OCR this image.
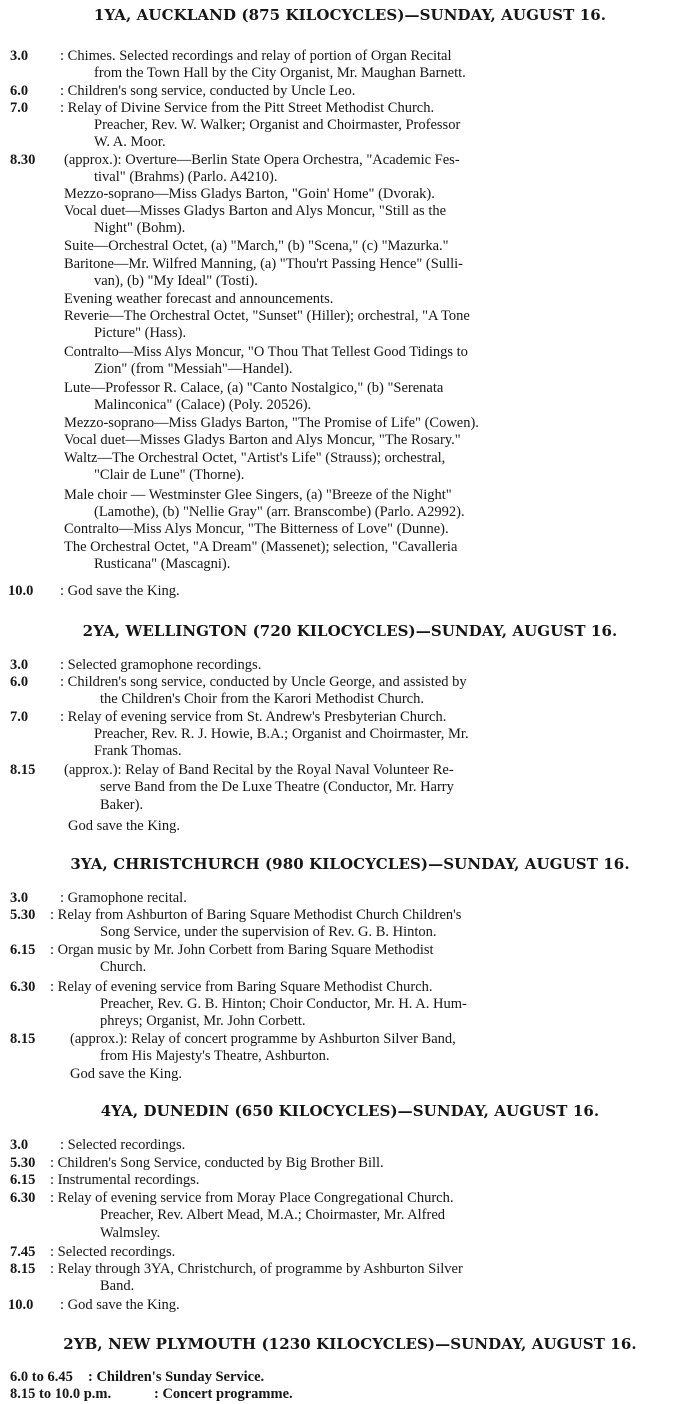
1YA, AUCKLAND (875 KILOCYCLES)—SUNDAY, AUGUST 16.
3.0 : Chimes. Selected recordings and relay of portion of Organ Recital
from the Town Hall by the City Organist, Mr. Maughan Barnett.
6.0 : Children's song service, conducted by Uncle Leo.
7.0 : Relay of Divine Service from the Pitt Street Methodist Church.
Preacher, Rev. W. Walker; Organist and Choirmaster, Professor
W. A. Moor.
8.30 (approx.): Overture—Berlin State Opera Orchestra, "Academic Fes-
tival" (Brahms) (Parlo. A4210).
Mezzo-soprano—Miss Gladys Barton, "Goin' Home" (Dvorak).
Vocal duet—Misses Gladys Barton and Alys Moncur, "Still as the
Night" (Bohm).
Suite—Orchestral Octet, (a) "March," (b) "Scena," (c) "Mazurka."
Baritone—Mr. Wilfred Manning, (a) "Thou'rt Passing Hence" (Sulli-
van), (b) "My Ideal" (Tosti).
Evening weather forecast and announcements.
Reverie—The Orchestral Octet, "Sunset" (Hiller); orchestral, "A Tone
Picture" (Hass).
Contralto—Miss Alys Moncur, "O Thou That Tellest Good Tidings to
Zion" (from "Messiah"—Handel).
Lute—Professor R. Calace, (a) "Canto Nostalgico," (b) "Serenata
Malinconica" (Calace) (Poly. 20526).
Mezzo-soprano—Miss Gladys Barton, "The Promise of Life" (Cowen).
Vocal duet—Misses Gladys Barton and Alys Moncur, "The Rosary."
Waltz—The Orchestral Octet, "Artist's Life" (Strauss); orchestral,
"Clair de Lune" (Thorne).
Male choir — Westminster Glee Singers, (a) "Breeze of the Night"
(Lamothe), (b) "Nellie Gray" (arr. Branscombe) (Parlo. A2992).
Contralto—Miss Alys Moncur, "The Bitterness of Love" (Dunne).
The Orchestral Octet, "A Dream" (Massenet); selection, "Cavalleria
Rusticana" (Mascagni).
10.0 : God save the King.
2YA, WELLINGTON (720 KILOCYCLES)—SUNDAY, AUGUST 16.
3.0 : Selected gramophone recordings.
6.0 : Children's song service, conducted by Uncle George, and assisted by
the Children's Choir from the Karori Methodist Church.
7.0 : Relay of evening service from St. Andrew's Presbyterian Church.
Preacher, Rev. R. J. Howie, B.A.; Organist and Choirmaster, Mr.
Frank Thomas.
8.15 (approx.): Relay of Band Recital by the Royal Naval Volunteer Re-
serve Band from the De Luxe Theatre (Conductor, Mr. Harry
Baker).
God save the King.
3YA, CHRISTCHURCH (980 KILOCYCLES)—SUNDAY, AUGUST 16.
3.0 : Gramophone recital.
5.30 : Relay from Ashburton of Baring Square Methodist Church Children's
Song Service, under the supervision of Rev. G. B. Hinton.
6.15 : Organ music by Mr. John Corbett from Baring Square Methodist
Church.
6.30 : Relay of evening service from Baring Square Methodist Church.
Preacher, Rev. G. B. Hinton; Choir Conductor, Mr. H. A. Hum-
phreys; Organist, Mr. John Corbett.
8.15 (approx.): Relay of concert programme by Ashburton Silver Band,
from His Majesty's Theatre, Ashburton.
God save the King.
4YA, DUNEDIN (650 KILOCYCLES)—SUNDAY, AUGUST 16.
3.0 : Selected recordings.
5.30 : Children's Song Service, conducted by Big Brother Bill.
6.15 : Instrumental recordings.
6.30 : Relay of evening service from Moray Place Congregational Church.
Preacher, Rev. Albert Mead, M.A.; Choirmaster, Mr. Alfred
Walmsley.
7.45 : Selected recordings.
8.15 : Relay through 3YA, Christchurch, of programme by Ashburton Silver
Band.
10.0 : God save the King.
2YB, NEW PLYMOUTH (1230 KILOCYCLES)—SUNDAY, AUGUST 16.
6.0 to 6.45 : Children's Sunday Service.
8.15 to 10.0 p.m.	: Concert programme.
